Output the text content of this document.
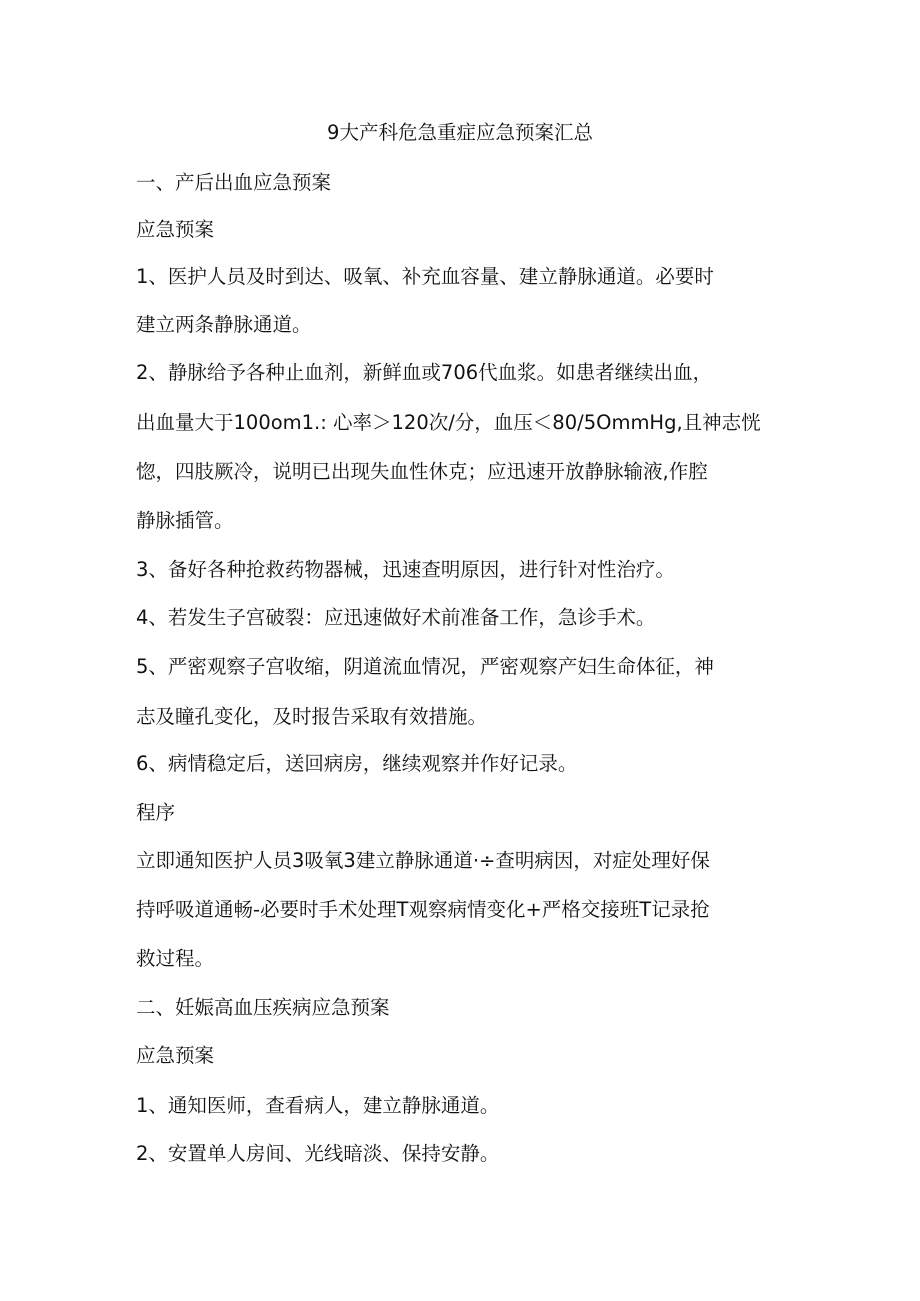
9大产科危急重症应急预案汇总
一、产后出血应急预案
应急预案
1、医护人员及时到达、吸氧、补充血容量、建立静脉通道。必要时
建立两条静脉通道。
2、静脉给予各种止血剂，新鲜血或706代血浆。如患者继续出血，
出血量大于100om1.: 心率＞120次/分，血压＜80/5OmmHg,且神志恍
惚，四肢厥冷，说明已出现失血性休克；应迅速开放静脉输液,作腔
静脉插管。
3、备好各种抢救药物器械，迅速查明原因，进行针对性治疗。
4、若发生子宫破裂：应迅速做好术前准备工作，急诊手术。
5、严密观察子宫收缩，阴道流血情况，严密观察产妇生命体征，神
志及瞳孔变化，及时报告采取有效措施。
6、病情稳定后，送回病房，继续观察并作好记录。
程序
立即通知医护人员3吸氧3建立静脉通道·÷查明病因，对症处理好保
持呼吸道通畅-必要时手术处理T观察病情变化+严格交接班T记录抢
救过程。
二、妊娠高血压疾病应急预案
应急预案
1、通知医师，查看病人，建立静脉通道。
2、安置单人房间、光线暗淡、保持安静。
